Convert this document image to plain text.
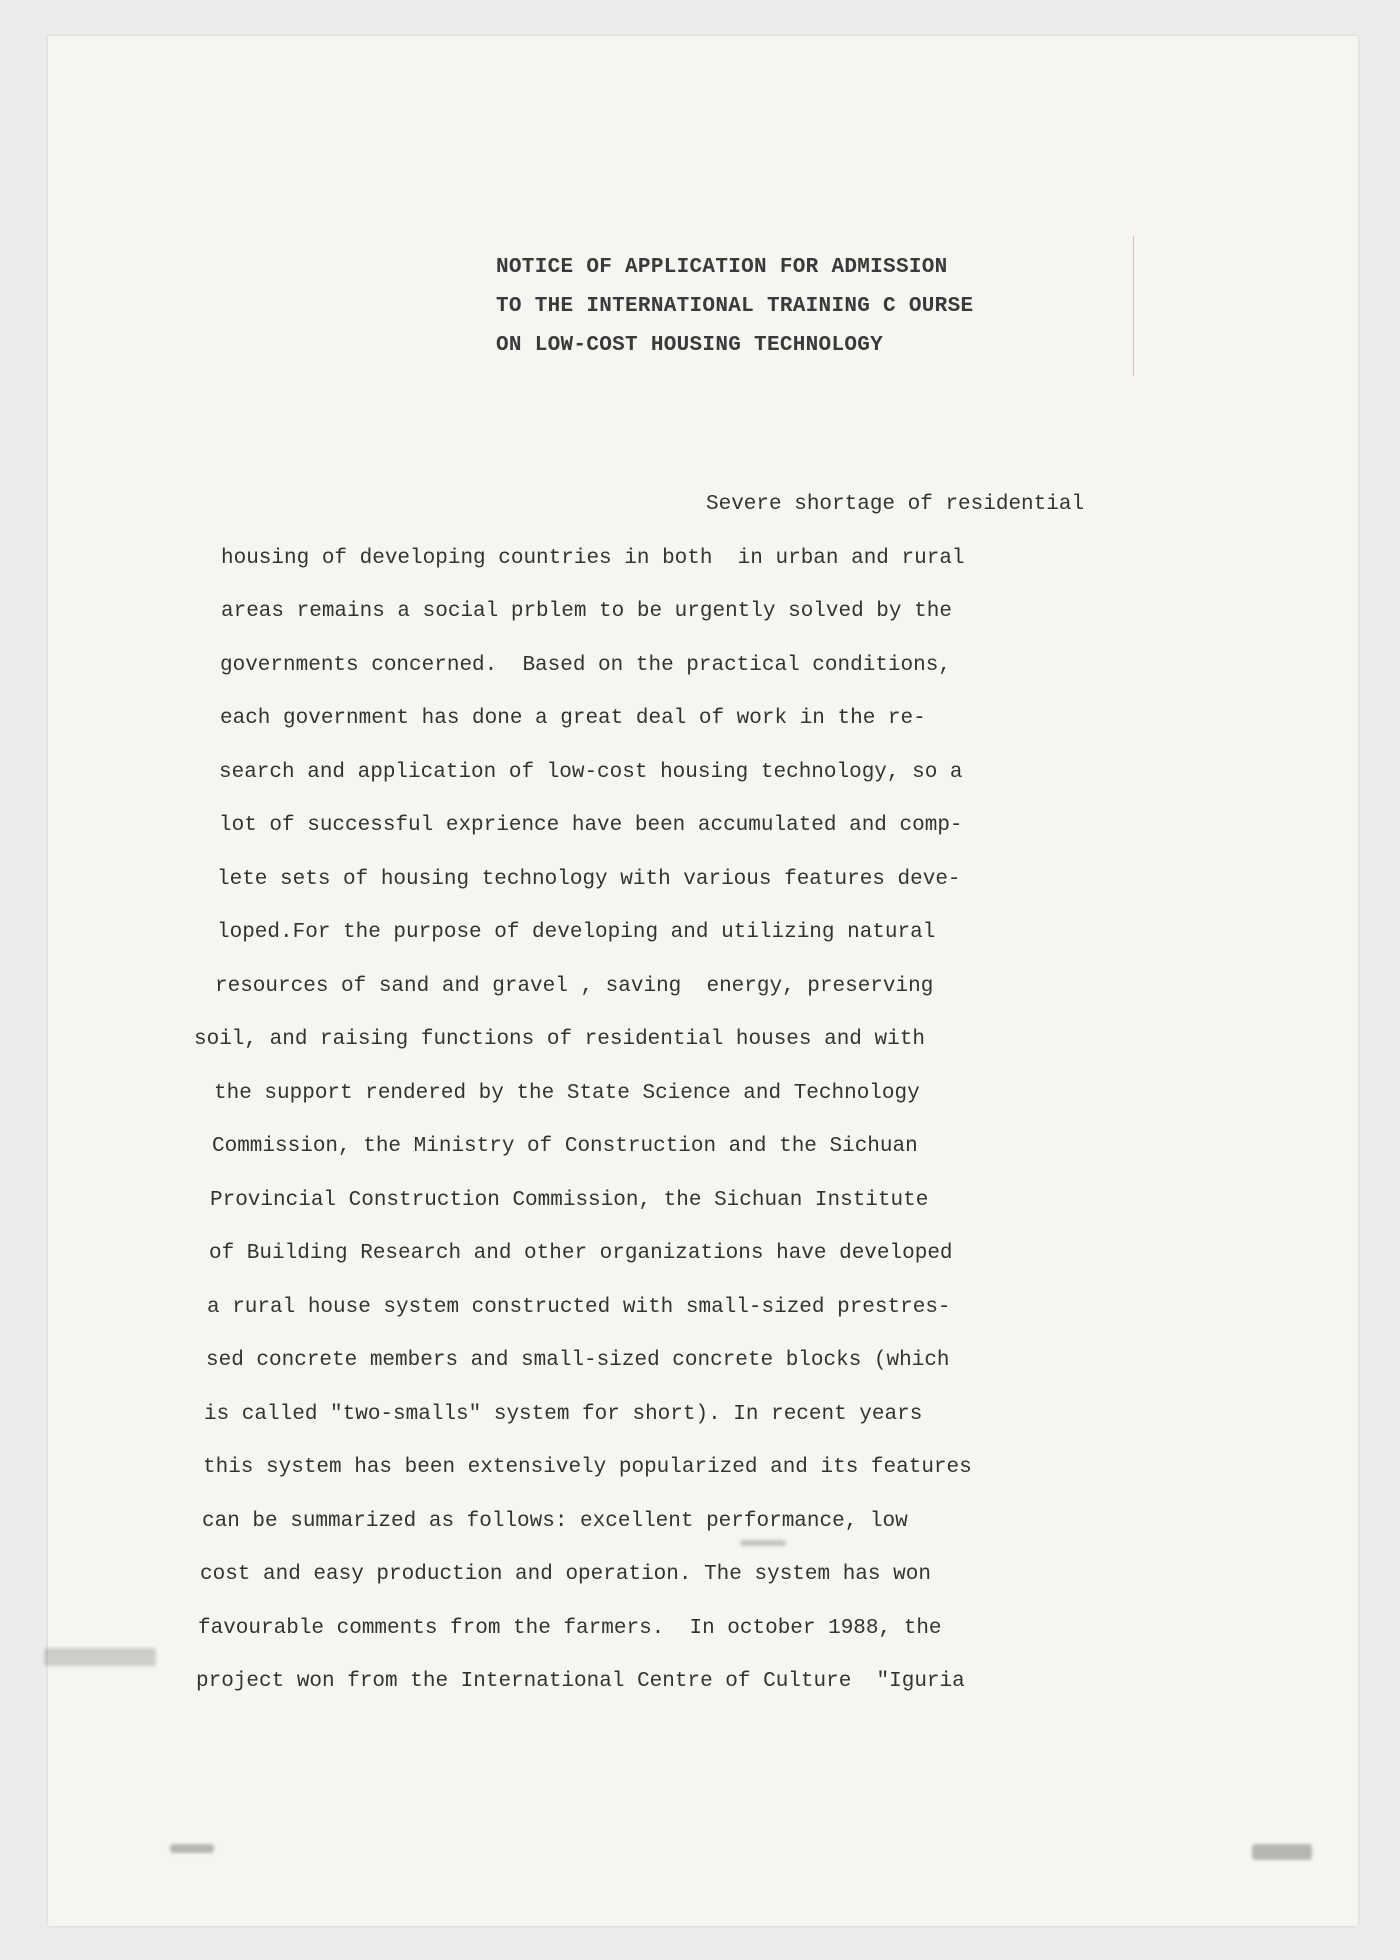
NOTICE OF APPLICATION FOR ADMISSION
TO THE INTERNATIONAL TRAINING C OURSE
ON LOW-COST HOUSING TECHNOLOGY
Severe shortage of residential
housing of developing countries in both  in urban and rural
areas remains a social prblem to be urgently solved by the
governments concerned.  Based on the practical conditions,
each government has done a great deal of work in the re-
search and application of low-cost housing technology, so a
lot of successful exprience have been accumulated and comp-
lete sets of housing technology with various features deve-
loped.For the purpose of developing and utilizing natural
resources of sand and gravel , saving  energy, preserving
soil, and raising functions of residential houses and with
the support rendered by the State Science and Technology
Commission, the Ministry of Construction and the Sichuan
Provincial Construction Commission, the Sichuan Institute
of Building Research and other organizations have developed
a rural house system constructed with small-sized prestres-
sed concrete members and small-sized concrete blocks (which
is called "two-smalls" system for short). In recent years
this system has been extensively popularized and its features
can be summarized as follows: excellent performance, low
cost and easy production and operation. The system has won
favourable comments from the farmers.  In october 1988, the
project won from the International Centre of Culture  "Iguria
